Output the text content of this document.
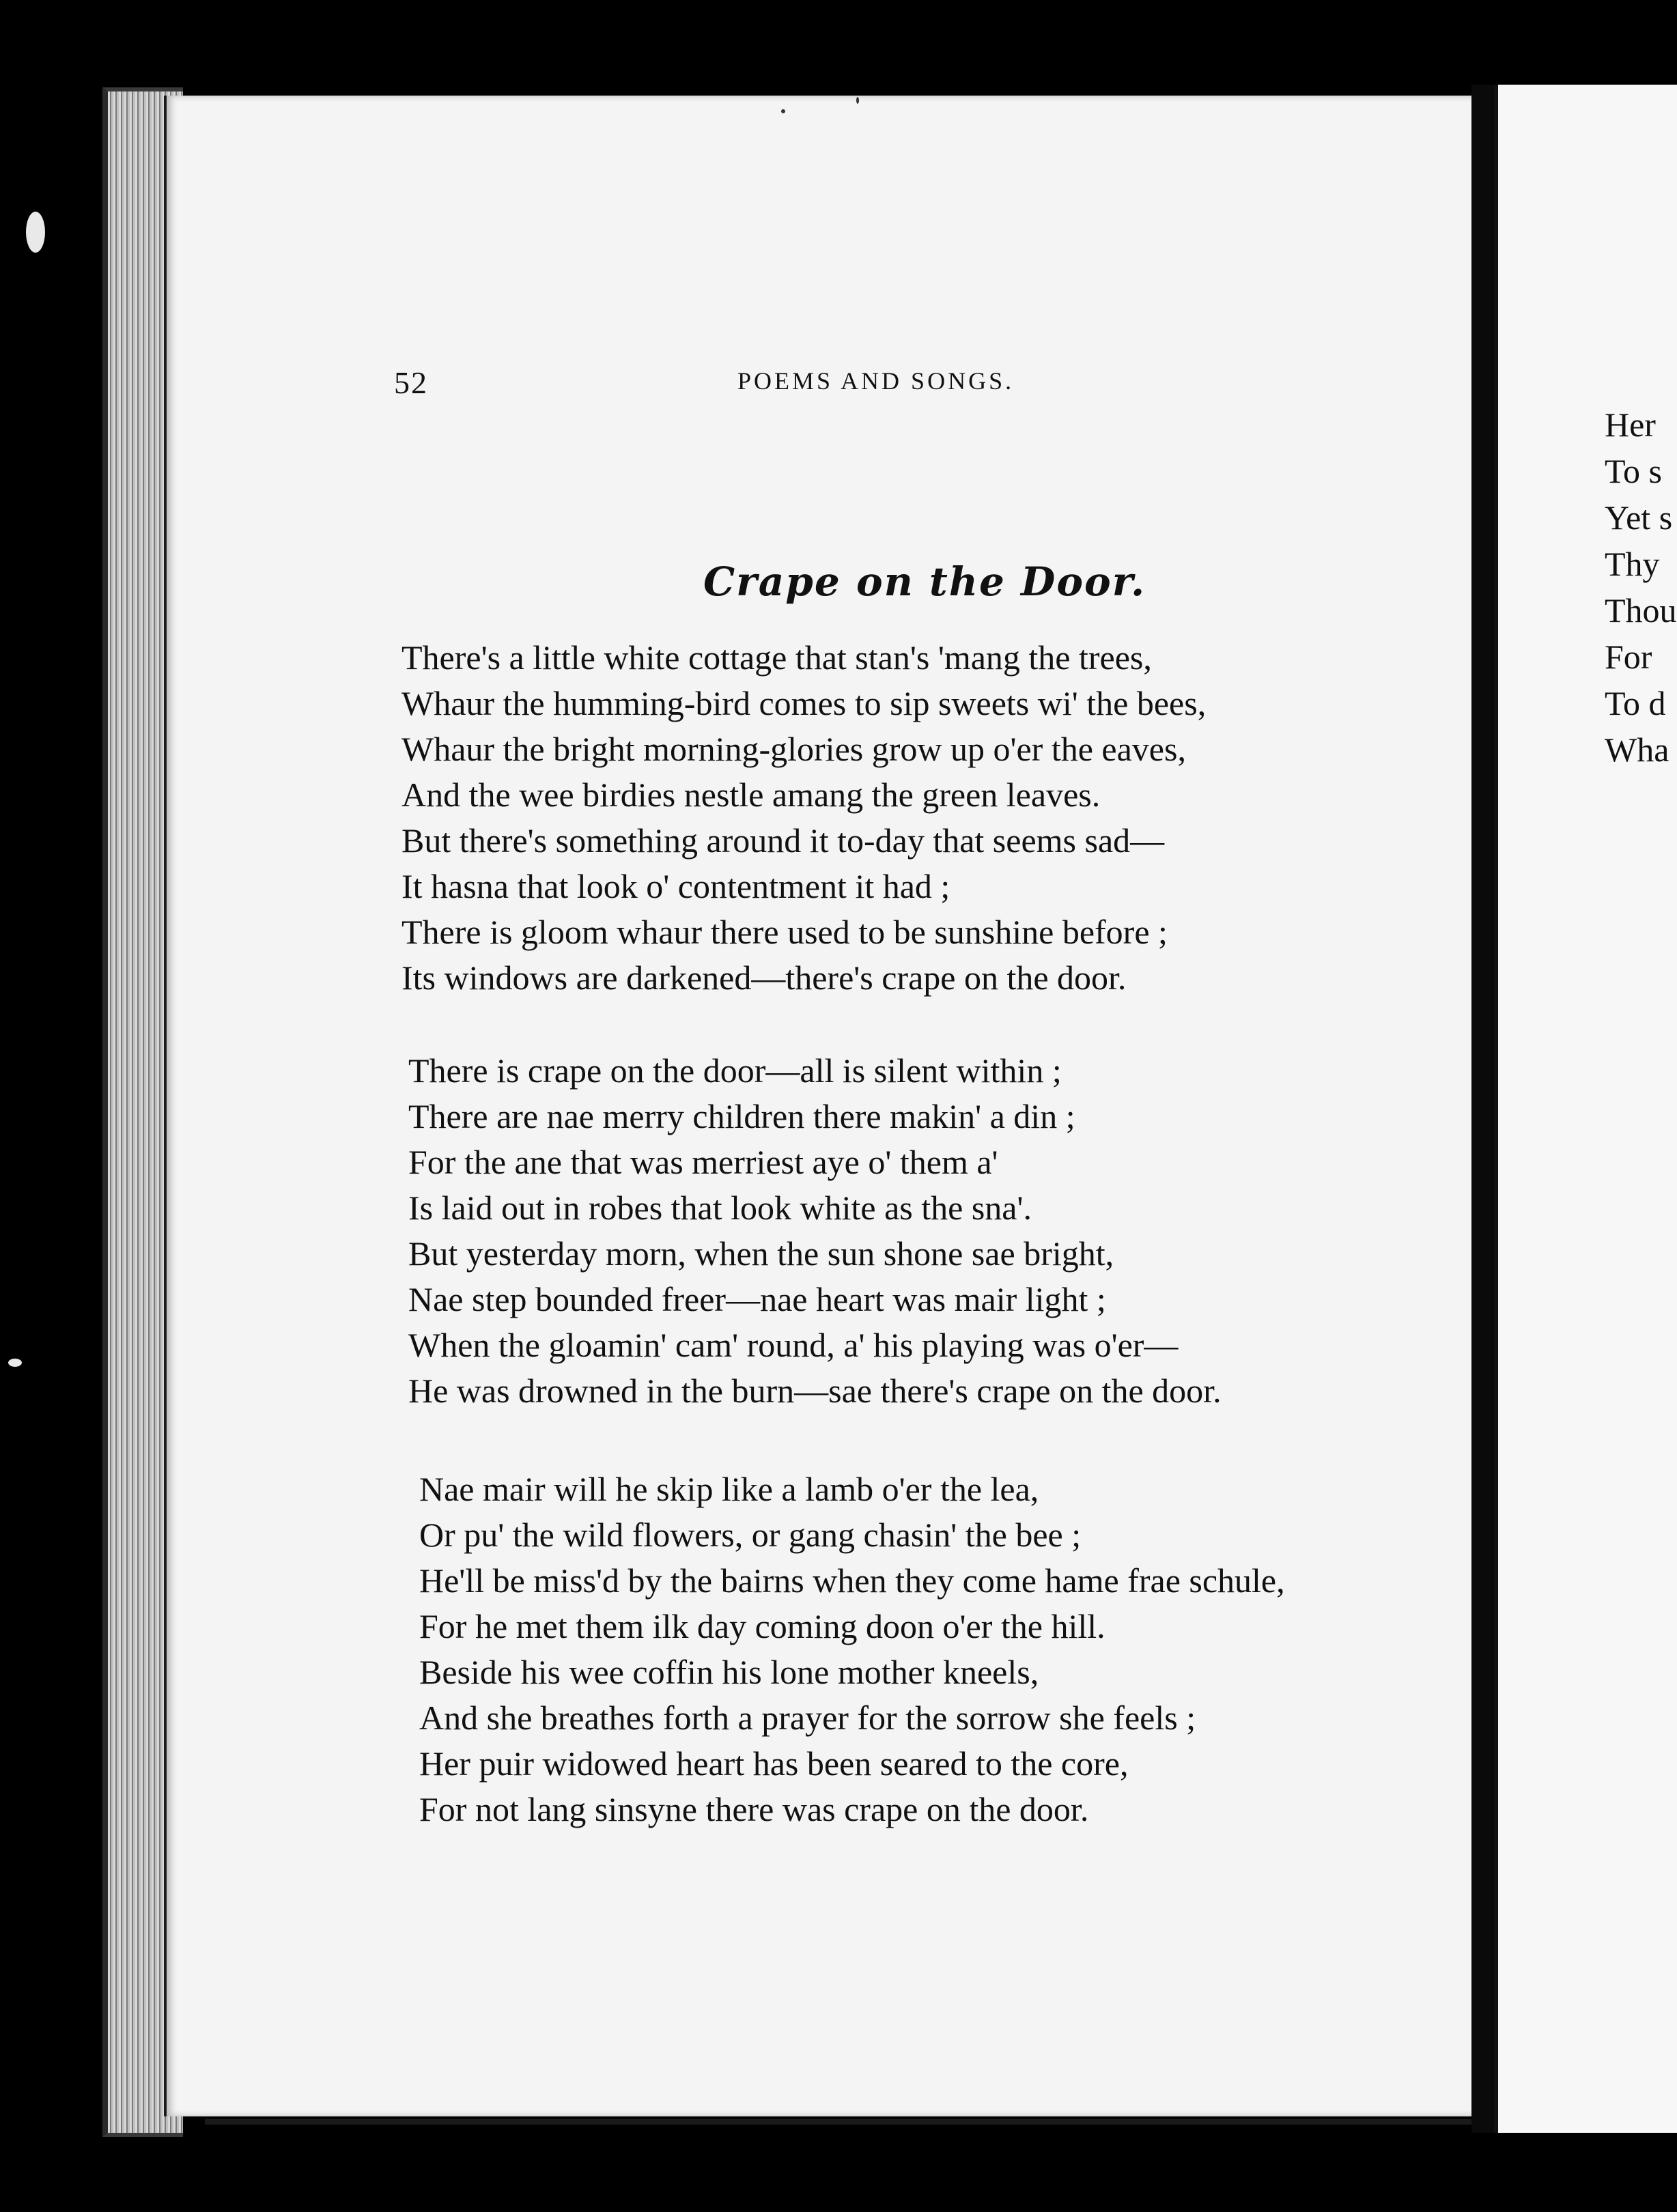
52	POEMS AND SONGS.
Crape on the Door.
There's a little white cottage that stan's 'mang the trees,
Whaur the humming-bird comes to sip sweets wi' the bees,
Whaur the bright morning-glories grow up o'er the eaves,
And the wee birdies nestle amang the green leaves.
But there's something around it to-day that seems sad—
It hasna that look o' contentment it had ;
There is gloom whaur there used to be sunshine before ;
Its windows are darkened—there's crape on the door.
There is crape on the door—all is silent within ;
There are nae merry children there makin' a din ;
For the ane that was merriest aye o' them a'
Is laid out in robes that look white as the sna'.
But yesterday morn, when the sun shone sae bright,
Nae step bounded freer—nae heart was mair light ;
When the gloamin' cam' round, a' his playing was o'er—
He was drowned in the burn—sae there's crape on the door.
Nae mair will he skip like a lamb o'er the lea,
Or pu' the wild flowers, or gang chasin' the bee ;
He'll be miss'd by the bairns when they come hame frae schule,
For he met them ilk day coming doon o'er the hill.
Beside his wee coffin his lone mother kneels,
And she breathes forth a prayer for the sorrow she feels ;
Her puir widowed heart has been seared to the core,
For not lang sinsyne there was crape on the door.
Her
To s
Yet s
Thy
Thou
For
To d
Wha
